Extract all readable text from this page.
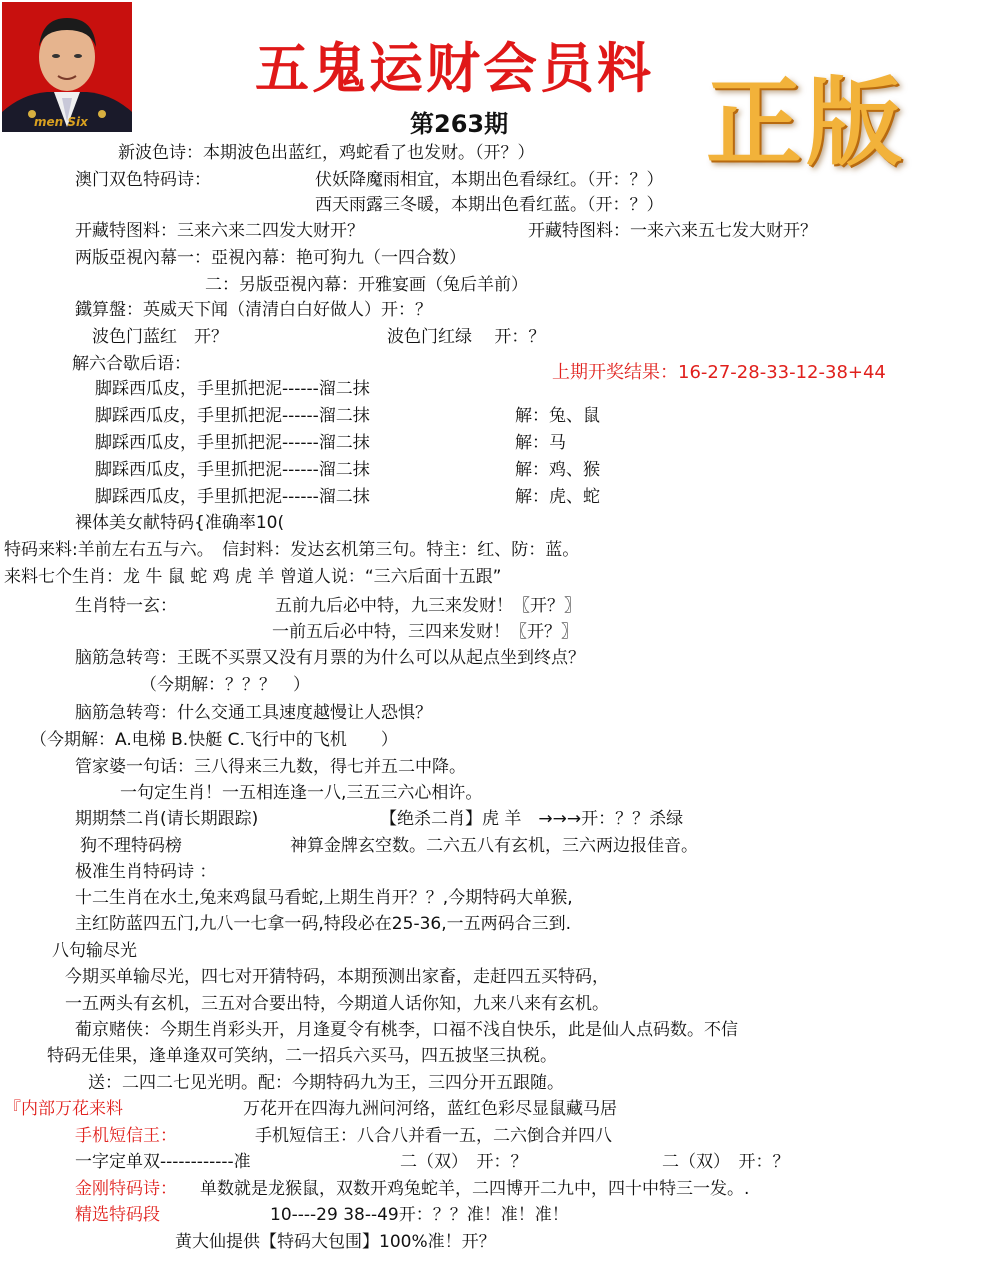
men Six
五鬼运财会员料
第263期 正版
上期开奖结果：16-27-28-33-12-38+44
新波色诗：本期波色出蓝红，鸡蛇看了也发财。（开？）
澳门双色特码诗：	伏妖降魔雨相宜，本期出色看绿红。（开：？）
西天雨露三冬暖，本期出色看红蓝。（开：？）
开藏特图料：三来六来二四发大财开？	开藏特图料：一来六来五七发大财开？
两版亞視內幕一：亞視內幕：艳可狗九（一四合数）
二：另版亞視內幕：开雅宴画（兔后羊前）
鐵算盤：英威天下闻（清清白白好做人）开：？
波色门蓝红　开？	波色门红绿　 开：？
解六合歇后语：
脚踩西瓜皮，手里抓把泥------溜二抹
脚踩西瓜皮，手里抓把泥------溜二抹	解：兔、鼠
脚踩西瓜皮，手里抓把泥------溜二抹	解：马
脚踩西瓜皮，手里抓把泥------溜二抹	解：鸡、猴
脚踩西瓜皮，手里抓把泥------溜二抹	解：虎、蛇
裸体美女献特码{准确率10(
特码来料:羊前左右五与六。　信封料：发达玄机第三句。特主：红、防：蓝。
来料七个生肖：龙 牛 鼠 蛇 鸡 虎 羊 曾道人说：“三六后面十五跟”
生肖特一玄：	五前九后必中特，九三来发财！〖开？〗
一前五后必中特，三四来发财！〖开？〗
脑筋急转弯：王既不买票又没有月票的为什么可以从起点坐到终点？
（今期解：？？？　）
脑筋急转弯：什么交通工具速度越慢让人恐惧？
（今期解：A.电梯 B.快艇 C.飞行中的飞机　　）
管家婆一句话：三八得来三九数，得七并五二中降。
一句定生肖！一五相连逢一八,三五三六心相许。
期期禁二肖(请长期跟踪)	【绝杀二肖】虎 羊　→→→开：？？杀绿
狗不理特码榜	神算金牌玄空数。二六五八有玄机，三六两边报佳音。
极准生肖特码诗 ：
十二生肖在水土,兔来鸡鼠马看蛇,上期生肖开？？,今期特码大单猴,
主红防蓝四五门,九八一七拿一码,特段必在25-36,一五两码合三到.
八句输尽光
今期买单输尽光，四七对开猜特码，本期预测出家畜，走赶四五买特码，
一五两头有玄机，三五对合要出特，今期道人话你知，九来八来有玄机。
葡京赌侠：今期生肖彩头开，月逢夏令有桃李，口福不浅自快乐，此是仙人点码数。不信
特码无佳果，逢单逢双可笑纳，二一招兵六买马，四五披坚三执税。
送：二四二七见光明。配：今期特码九为王，三四分开五跟随。
『内部万花来料	万花开在四海九洲问河络，蓝红色彩尽显鼠藏马居
手机短信王：	手机短信王：八合八并看一五，二六倒合并四八
一字定单双------------准	二（双）　开：？	二（双）　开：？
金刚特码诗： 单数就是龙猴鼠，双数开鸡兔蛇羊，二四博开二九中，四十中特三一发。.
精选特码段	10----29 38--49开：？？准！准！准！
黄大仙提供【特码大包围】100%准！开？
